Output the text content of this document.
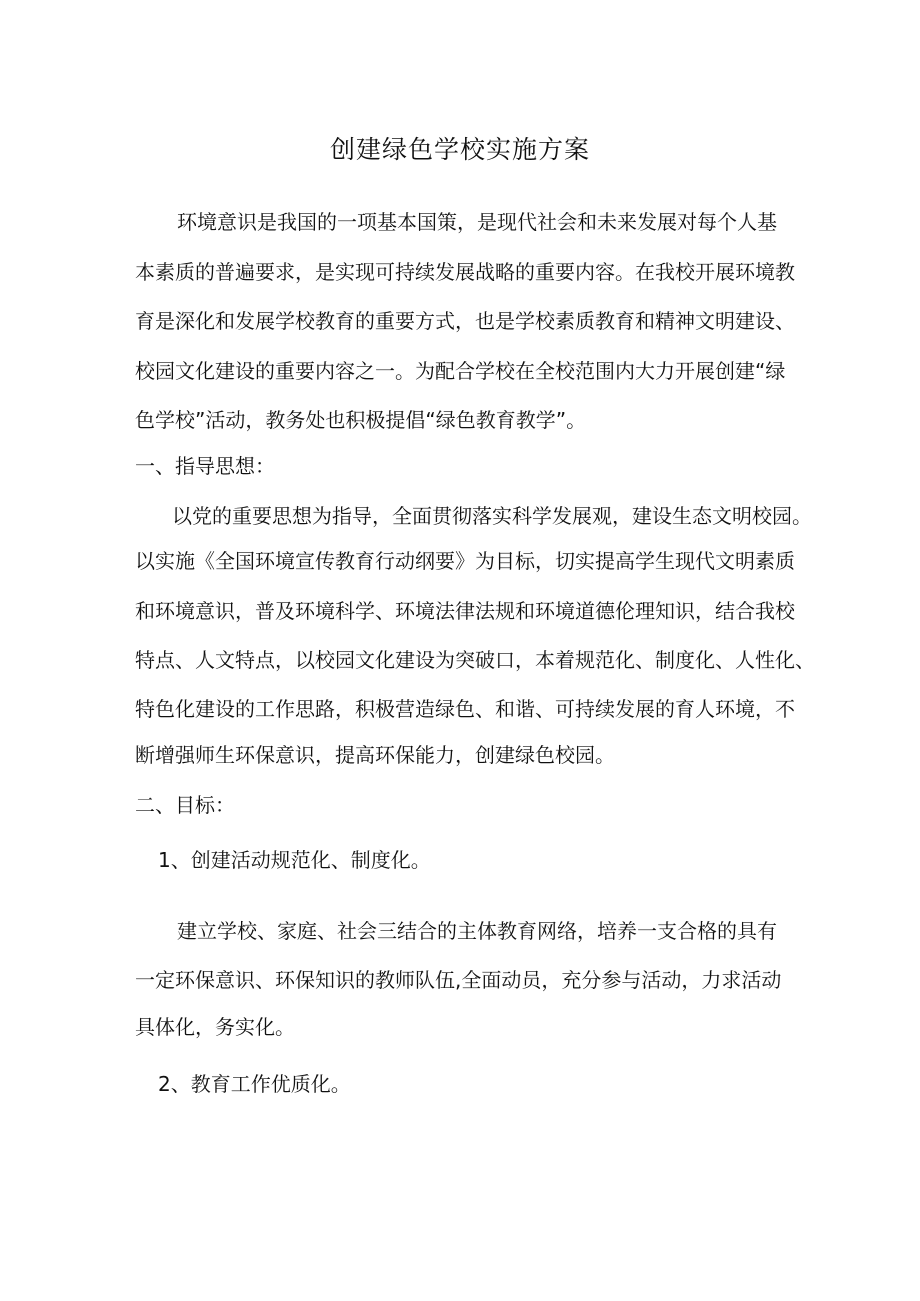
创建绿色学校实施方案
环境意识是我国的一项基本国策，是现代社会和未来发展对每个人基
本素质的普遍要求，是实现可持续发展战略的重要内容。在我校开展环境教
育是深化和发展学校教育的重要方式，也是学校素质教育和精神文明建设、
校园文化建设的重要内容之一。为配合学校在全校范围内大力开展创建“绿
色学校”活动，教务处也积极提倡“绿色教育教学”。
一、指导思想：
以党的重要思想为指导，全面贯彻落实科学发展观，建设生态文明校园。
以实施《全国环境宣传教育行动纲要》为目标，切实提高学生现代文明素质
和环境意识，普及环境科学、环境法律法规和环境道德伦理知识，结合我校
特点、人文特点，以校园文化建设为突破口，本着规范化、制度化、人性化、
特色化建设的工作思路，积极营造绿色、和谐、可持续发展的育人环境，不
断增强师生环保意识，提高环保能力，创建绿色校园。
二、目标：
1、创建活动规范化、制度化。
建立学校、家庭、社会三结合的主体教育网络，培养一支合格的具有
一定环保意识、环保知识的教师队伍,全面动员，充分参与活动，力求活动
具体化，务实化。
2、教育工作优质化。
